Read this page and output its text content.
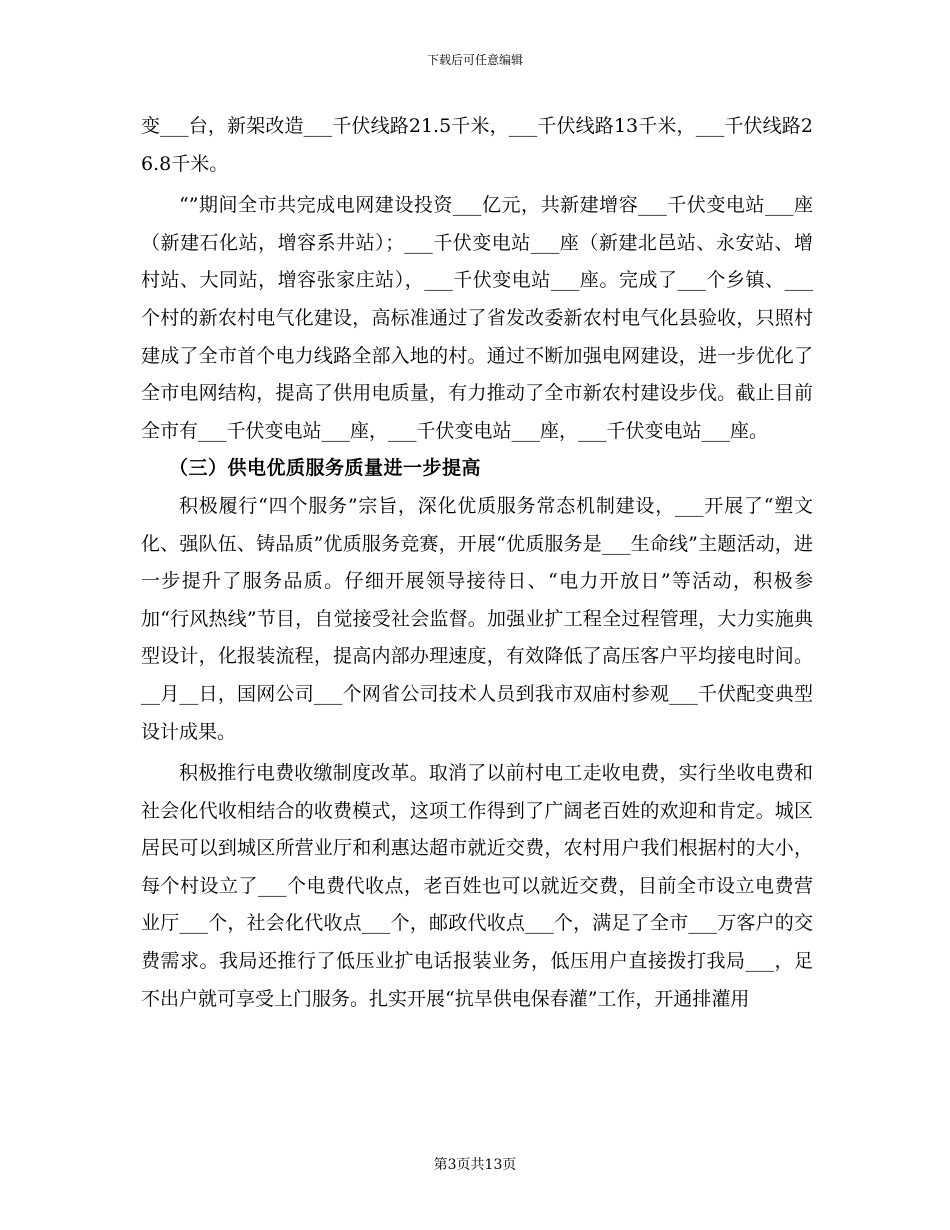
下载后可任意编辑

变___台，新架改造___千伏线路21.5千米，___千伏线路13千米，___千伏线路26.8千米。

“”期间全市共完成电网建设投资___亿元，共新建增容___千伏变电站___座（新建石化站，增容系井站）；___千伏变电站___座（新建北邑站、永安站、增村站、大同站，增容张家庄站），___千伏变电站___座。完成了___个乡镇、___个村的新农村电气化建设，高标准通过了省发改委新农村电气化县验收，只照村建成了全市首个电力线路全部入地的村。通过不断加强电网建设，进一步优化了全市电网结构，提高了供用电质量，有力推动了全市新农村建设步伐。截止目前全市有___千伏变电站___座，___千伏变电站___座，___千伏变电站___座。

（三）供电优质服务质量进一步提高

积极履行“四个服务”宗旨，深化优质服务常态机制建设，___开展了“塑文化、强队伍、铸品质”优质服务竞赛，开展“优质服务是___生命线”主题活动，进一步提升了服务品质。仔细开展领导接待日、“电力开放日”等活动，积极参加“行风热线”节目，自觉接受社会监督。加强业扩工程全过程管理，大力实施典型设计，化报装流程，提高内部办理速度，有效降低了高压客户平均接电时间。__月__日，国网公司___个网省公司技术人员到我市双庙村参观___千伏配变典型设计成果。

积极推行电费收缴制度改革。取消了以前村电工走收电费，实行坐收电费和社会化代收相结合的收费模式，这项工作得到了广阔老百姓的欢迎和肯定。城区居民可以到城区所营业厅和利惠达超市就近交费，农村用户我们根据村的大小，每个村设立了___个电费代收点，老百姓也可以就近交费，目前全市设立电费营业厅___个，社会化代收点___个，邮政代收点___个，满足了全市___万客户的交费需求。我局还推行了低压业扩电话报装业务，低压用户直接拨打我局___，足不出户就可享受上门服务。扎实开展“抗旱供电保春灌”工作，开通排灌用

第3页共13页
